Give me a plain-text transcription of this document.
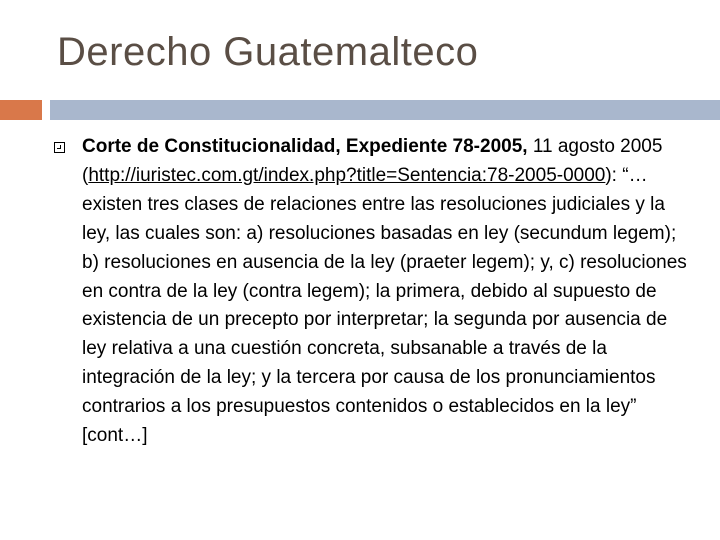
Derecho Guatemalteco
Corte de Constitucionalidad, Expediente 78-2005, 11 agosto 2005 (http://iuristec.com.gt/index.php?title=Sentencia:78-2005-0000): “…existen tres clases de relaciones entre las resoluciones judiciales y la ley, las cuales son: a) resoluciones basadas en ley (secundum legem); b) resoluciones en ausencia de la ley (praeter legem); y, c) resoluciones en contra de la ley (contra legem); la primera, debido al supuesto de existencia de un precepto por interpretar; la segunda por ausencia de ley relativa a una cuestión concreta, subsanable a través de la integración de la ley; y la tercera por causa de los pronunciamientos contrarios a los presupuestos contenidos o establecidos en la ley” [cont…]
